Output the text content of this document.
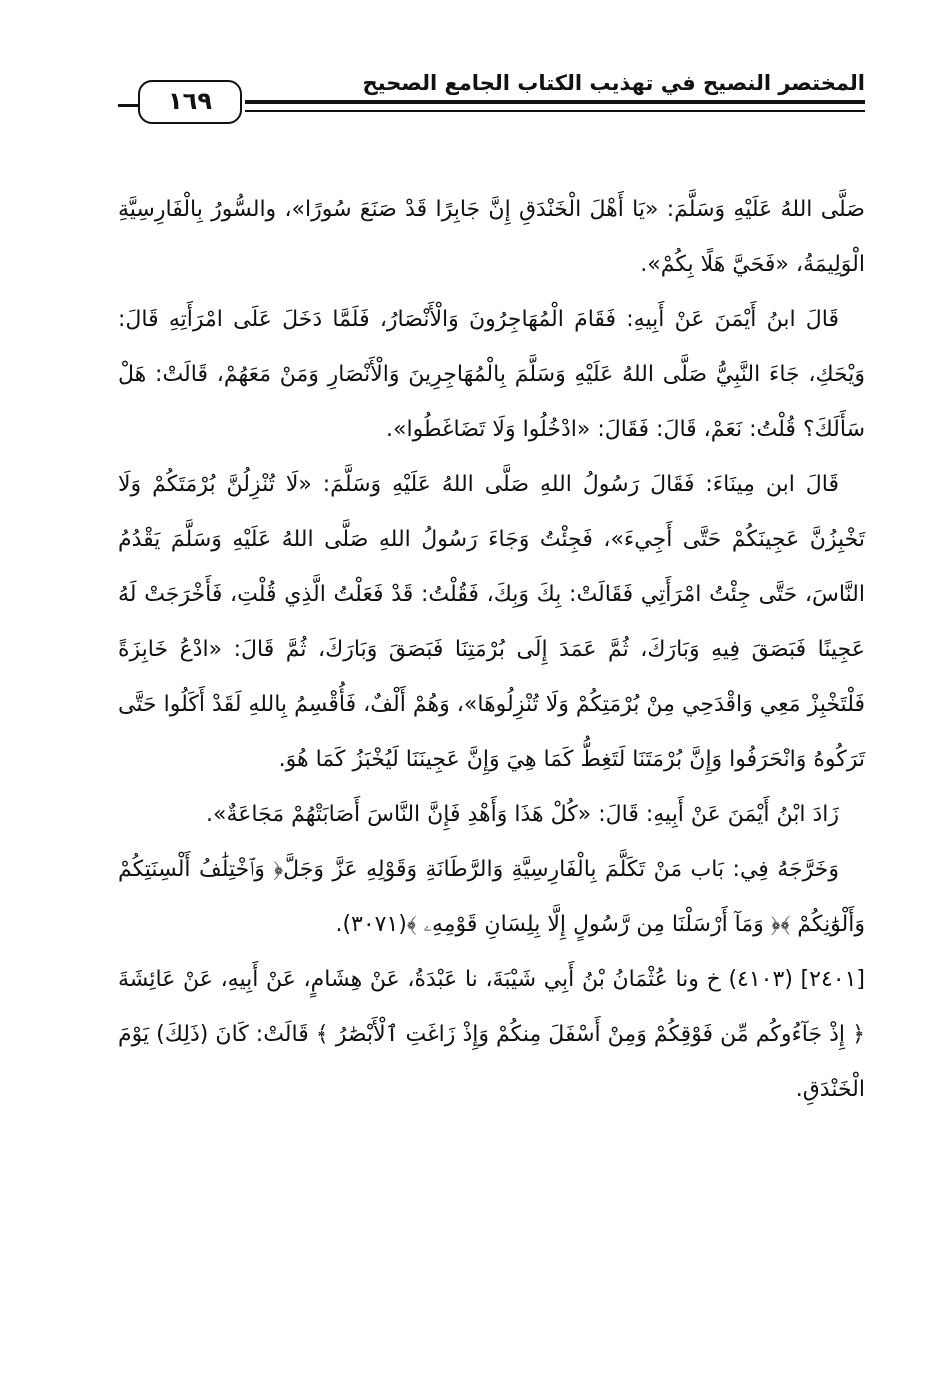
المختصر النصيح في تهذيب الكتاب الجامع الصحيح
١٦٩

صَلَّى اللهُ عَلَيْهِ وَسَلَّمَ: «يَا أَهْلَ الْخَنْدَقِ إِنَّ جَابِرًا قَدْ صَنَعَ سُورًا»، والسُّورُ بِالْفَارِسِيَّةِ الْوَلِيمَةُ، «فَحَيَّ هَلًا بِكُمْ».

قَالَ ابنُ أَيْمَنَ عَنْ أَبِيهِ: فَقَامَ الْمُهَاجِرُونَ وَالْأَنْصَارُ، فَلَمَّا دَخَلَ عَلَى امْرَأَتِهِ قَالَ: وَيْحَكِ، جَاءَ النَّبِيُّ صَلَّى اللهُ عَلَيْهِ وَسَلَّمَ بِالْمُهَاجِرِينَ وَالْأَنْصَارِ وَمَنْ مَعَهُمْ، قَالَتْ: هَلْ سَأَلَكَ؟ قُلْتُ: نَعَمْ، قَالَ: فَقَالَ: «ادْخُلُوا وَلَا تَضَاغَطُوا».

قَالَ ابن مِينَاءَ: فَقَالَ رَسُولُ اللهِ صَلَّى اللهُ عَلَيْهِ وَسَلَّمَ: «لَا تُنْزِلُنَّ بُرْمَتَكُمْ وَلَا تَخْبِزُنَّ عَجِينَكُمْ حَتَّى أَجِيءَ»، فَجِئْتُ وَجَاءَ رَسُولُ اللهِ صَلَّى اللهُ عَلَيْهِ وَسَلَّمَ يَقْدُمُ النَّاسَ، حَتَّى جِئْتُ امْرَأَتِي فَقَالَتْ: بِكَ وَبِكَ، فَقُلْتُ: قَدْ فَعَلْتُ الَّذِي قُلْتِ، فَأَخْرَجَتْ لَهُ عَجِينًا فَبَصَقَ فِيهِ وَبَارَكَ، ثُمَّ عَمَدَ إِلَى بُرْمَتِنَا فَبَصَقَ وَبَارَكَ، ثُمَّ قَالَ: «ادْعُ خَابِزَةً فَلْتَخْبِزْ مَعِي وَاقْدَحِي مِنْ بُرْمَتِكُمْ وَلَا تُنْزِلُوهَا»، وَهُمْ أَلْفٌ، فَأُقْسِمُ بِاللهِ لَقَدْ أَكَلُوا حَتَّى تَرَكُوهُ وَانْحَرَفُوا وَإِنَّ بُرْمَتَنَا لَتَغِطُّ كَمَا هِيَ وَإِنَّ عَجِينَنَا لَيُخْبَزُ كَمَا هُوَ.

زَادَ ابْنُ أَيْمَنَ عَنْ أَبِيهِ: قَالَ: «كُلْ هَذَا وَأَهْدِ فَإِنَّ النَّاسَ أَصَابَتْهُمْ مَجَاعَةٌ».

وَخَرَّجَهُ فِي: بَاب مَنْ تَكَلَّمَ بِالْفَارِسِيَّةِ وَالرَّطَانَةِ وَقَوْلِهِ عَزَّ وَجَلَّ﴿ وَٱخْتِلَٰفُ أَلْسِنَتِكُمْ وَأَلْوَٰنِكُمْ ﴾﴿ وَمَآ أَرْسَلْنَا مِن رَّسُولٍ إِلَّا بِلِسَانِ قَوْمِهِۦ ﴾(٣٠٧١).

[٢٤٠١] (٤١٠٣) خ ونا عُثْمَانُ بْنُ أَبِي شَيْبَةَ، نا عَبْدَةُ، عَنْ هِشَامٍ، عَنْ أَبِيهِ، عَنْ عَائِشَةَ ﴿ إِذْ جَآءُوكُم مِّن فَوْقِكُمْ وَمِنْ أَسْفَلَ مِنكُمْ وَإِذْ زَاغَتِ ٱلْأَبْصَٰرُ ﴾ قَالَتْ: كَانَ (ذَلِكَ) يَوْمَ الْخَنْدَقِ.
